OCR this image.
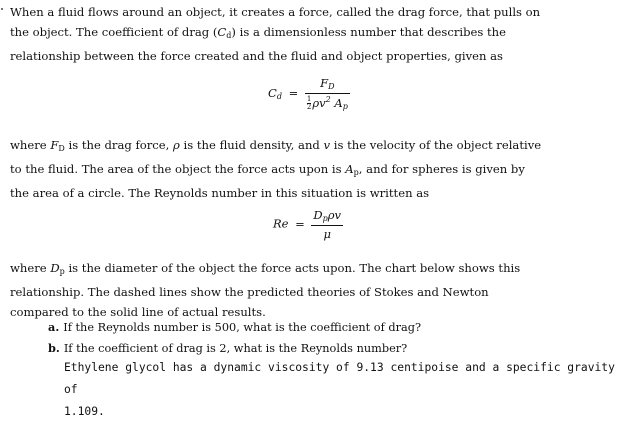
When a fluid flows around an object, it creates a force, called the drag force, that pulls on
the object. The coefficient of drag $(C_d)$ is a dimensionless number that describes the
relationship between the force created and the fluid and object properties, given as
$C_d = \frac{F_D}{\frac{1}{2} \rho v^2 A_p}$
where $F_D$ is the drag force, ρ is the fluid density, and v is the velocity of the object relative
to the fluid. The area of the object the force acts upon is $A_p$, and for spheres is given by
the area of a circle. The Reynolds number in this situation is written as
$Re = \frac{D_p\rho v}{\mu}$
where $D_p$ is the diameter of the object the force acts upon. The chart below shows this
relationship. The dashed lines show the predicted theories of Stokes and Newton
compared to the solid line of actual results.
a. If the Reynolds number is 500, what is the coefficient of drag?
b. If the coefficient of drag is 2, what is the Reynolds number?
Ethylene glycol has a dynamic viscosity of 9.13 centipoise and a specific gravity of
1.109.
